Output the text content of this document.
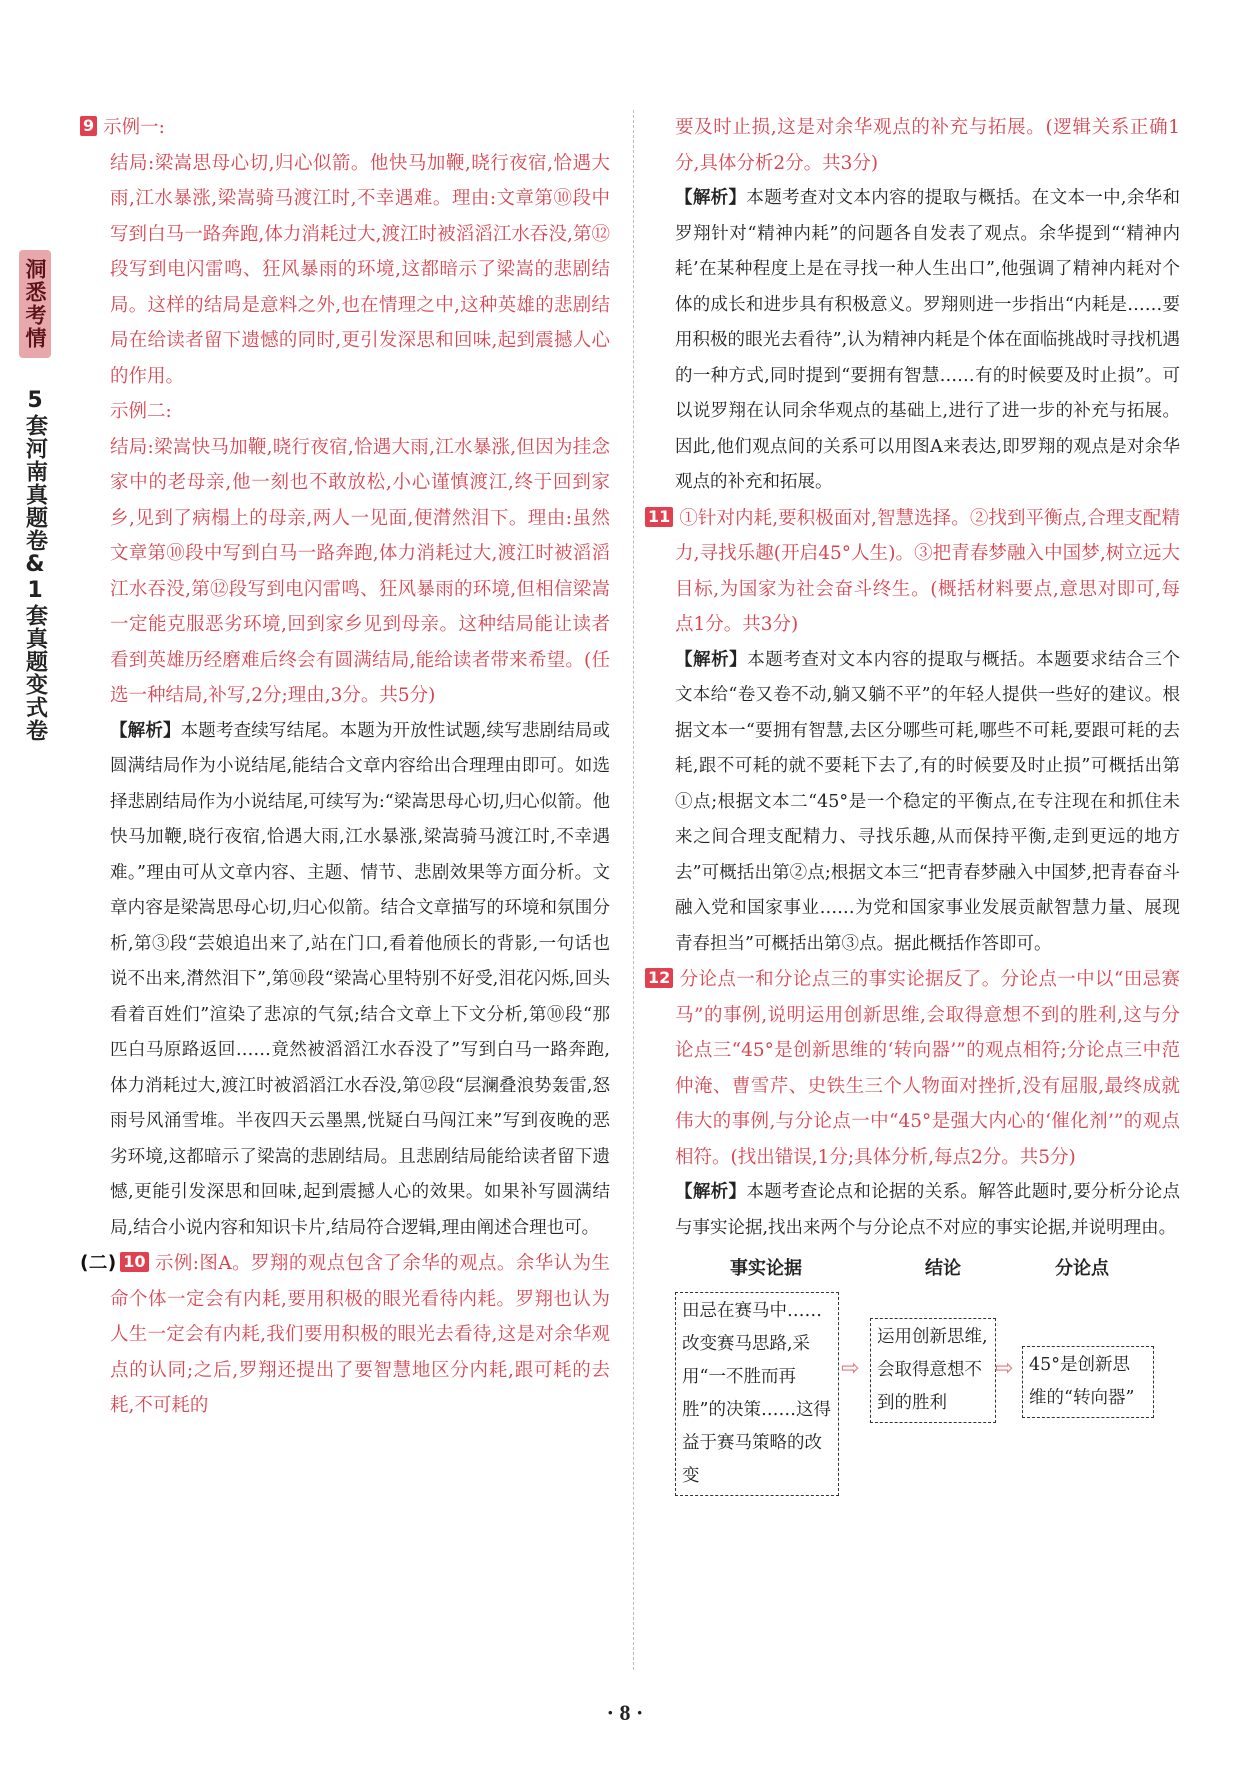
洞悉考情
5套河南真题卷&1套真题变式卷

9 示例一:

结局:梁嵩思母心切,归心似箭。他快马加鞭,晓行夜宿,恰遇大雨,江水暴涨,梁嵩骑马渡江时,不幸遇难。理由:文章第⑩段中写到白马一路奔跑,体力消耗过大,渡江时被滔滔江水吞没,第⑫段写到电闪雷鸣、狂风暴雨的环境,这都暗示了梁嵩的悲剧结局。这样的结局是意料之外,也在情理之中,这种英雄的悲剧结局在给读者留下遗憾的同时,更引发深思和回味,起到震撼人心的作用。

示例二:

结局:梁嵩快马加鞭,晓行夜宿,恰遇大雨,江水暴涨,但因为挂念家中的老母亲,他一刻也不敢放松,小心谨慎渡江,终于回到家乡,见到了病榻上的母亲,两人一见面,便潸然泪下。理由:虽然文章第⑩段中写到白马一路奔跑,体力消耗过大,渡江时被滔滔江水吞没,第⑫段写到电闪雷鸣、狂风暴雨的环境,但相信梁嵩一定能克服恶劣环境,回到家乡见到母亲。这种结局能让读者看到英雄历经磨难后终会有圆满结局,能给读者带来希望。(任选一种结局,补写,2分;理由,3分。共5分)

【解析】本题考查续写结尾。本题为开放性试题,续写悲剧结局或圆满结局作为小说结尾,能结合文章内容给出合理理由即可。如选择悲剧结局作为小说结尾,可续写为:“梁嵩思母心切,归心似箭。他快马加鞭,晓行夜宿,恰遇大雨,江水暴涨,梁嵩骑马渡江时,不幸遇难。”理由可从文章内容、主题、情节、悲剧效果等方面分析。文章内容是梁嵩思母心切,归心似箭。结合文章描写的环境和氛围分析,第③段“芸娘追出来了,站在门口,看着他颀长的背影,一句话也说不出来,潸然泪下”,第⑩段“梁嵩心里特别不好受,泪花闪烁,回头看着百姓们”渲染了悲凉的气氛;结合文章上下文分析,第⑩段“那匹白马原路返回……竟然被滔滔江水吞没了”写到白马一路奔跑,体力消耗过大,渡江时被滔滔江水吞没,第⑫段“层澜叠浪势轰雷,怒雨号风涌雪堆。半夜四天云墨黑,恍疑白马闯江来”写到夜晚的恶劣环境,这都暗示了梁嵩的悲剧结局。且悲剧结局能给读者留下遗憾,更能引发深思和回味,起到震撼人心的效果。如果补写圆满结局,结合小说内容和知识卡片,结局符合逻辑,理由阐述合理也可。

(二) 10 示例:图A。罗翔的观点包含了余华的观点。余华认为生命个体一定会有内耗,要用积极的眼光看待内耗。罗翔也认为人生一定会有内耗,我们要用积极的眼光去看待,这是对余华观点的认同;之后,罗翔还提出了要智慧地区分内耗,跟可耗的去耗,不可耗的

要及时止损,这是对余华观点的补充与拓展。(逻辑关系正确1分,具体分析2分。共3分)

【解析】本题考查对文本内容的提取与概括。在文本一中,余华和罗翔针对“精神内耗”的问题各自发表了观点。余华提到“‘精神内耗’在某种程度上是在寻找一种人生出口”,他强调了精神内耗对个体的成长和进步具有积极意义。罗翔则进一步指出“内耗是……要用积极的眼光去看待”,认为精神内耗是个体在面临挑战时寻找机遇的一种方式,同时提到“要拥有智慧……有的时候要及时止损”。可以说罗翔在认同余华观点的基础上,进行了进一步的补充与拓展。因此,他们观点间的关系可以用图A来表达,即罗翔的观点是对余华观点的补充和拓展。

11 ①针对内耗,要积极面对,智慧选择。②找到平衡点,合理支配精力,寻找乐趣(开启45°人生)。③把青春梦融入中国梦,树立远大目标,为国家为社会奋斗终生。(概括材料要点,意思对即可,每点1分。共3分)

【解析】本题考查对文本内容的提取与概括。本题要求结合三个文本给“卷又卷不动,躺又躺不平”的年轻人提供一些好的建议。根据文本一“要拥有智慧,去区分哪些可耗,哪些不可耗,要跟可耗的去耗,跟不可耗的就不要耗下去了,有的时候要及时止损”可概括出第①点;根据文本二“45°是一个稳定的平衡点,在专注现在和抓住未来之间合理支配精力、寻找乐趣,从而保持平衡,走到更远的地方去”可概括出第②点;根据文本三“把青春梦融入中国梦,把青春奋斗融入党和国家事业……为党和国家事业发展贡献智慧力量、展现青春担当”可概括出第③点。据此概括作答即可。

12 分论点一和分论点三的事实论据反了。分论点一中以“田忌赛马”的事例,说明运用创新思维,会取得意想不到的胜利,这与分论点三“45°是创新思维的‘转向器’”的观点相符;分论点三中范仲淹、曹雪芹、史铁生三个人物面对挫折,没有屈服,最终成就伟大的事例,与分论点一中“45°是强大内心的‘催化剂’”的观点相符。(找出错误,1分;具体分析,每点2分。共5分)

【解析】本题考查论点和论据的关系。解答此题时,要分析分论点与事实论据,找出来两个与分论点不对应的事实论据,并说明理由。

事实论据	结论	分论点
田忌在赛马中……改变赛马思路,采用“一不胜而再胜”的决策……这得益于赛马策略的改变
⇨
运用创新思维,会取得意想不到的胜利
⇨ 45°是创新思维的“转向器”
· 8 ·
